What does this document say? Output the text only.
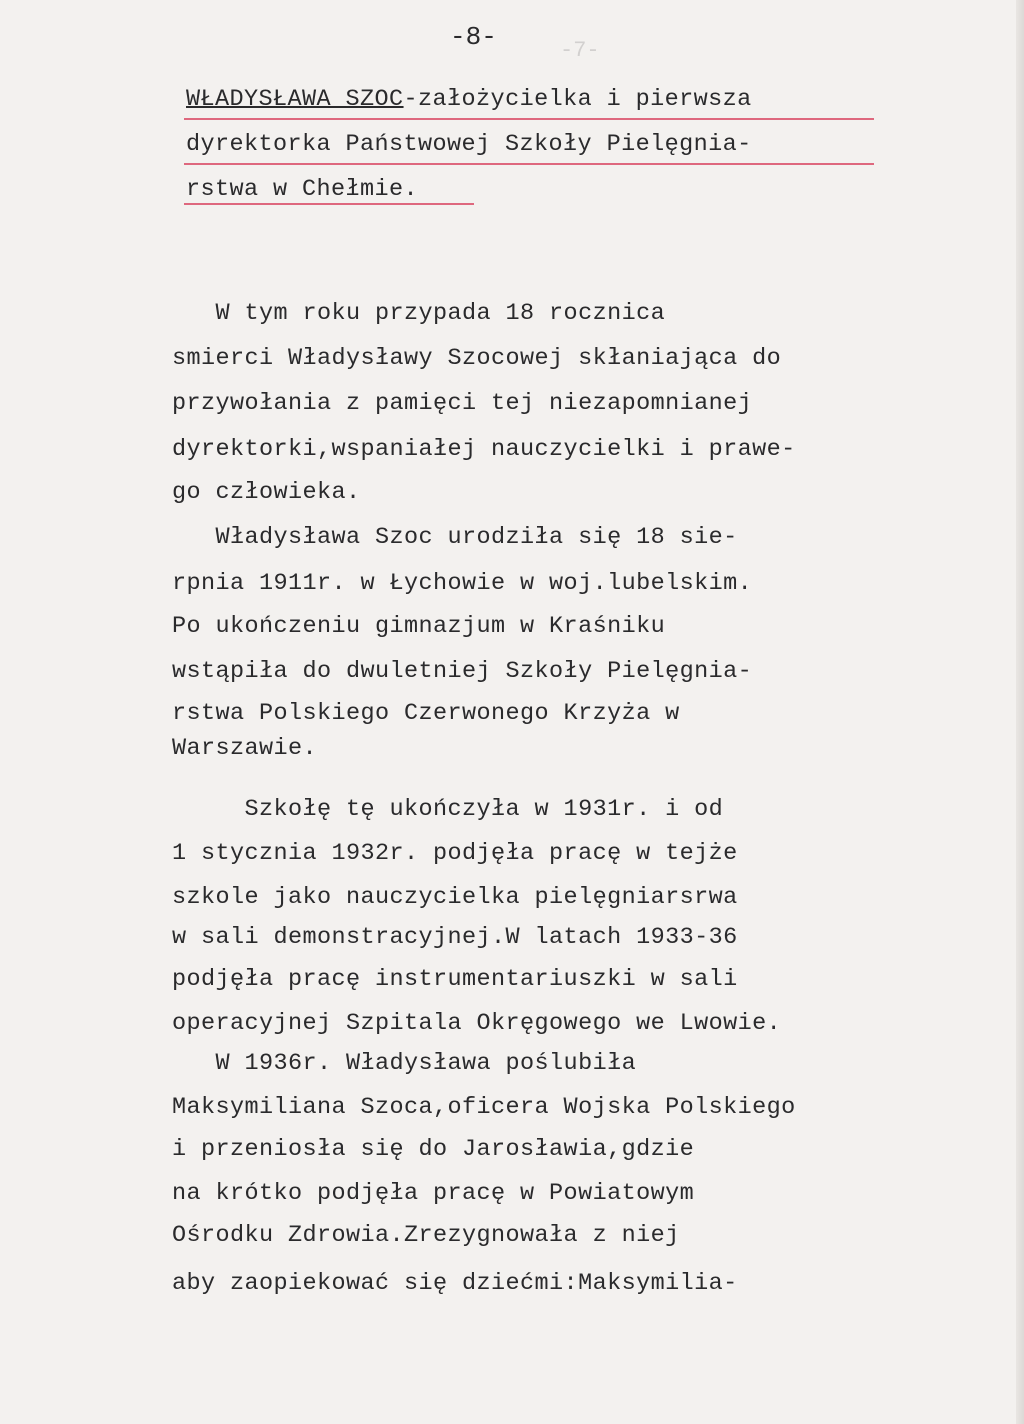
-8-	-7-
WŁADYSŁAWA SZOC-założycielka i pierwsza
dyrektorka Państwowej Szkoły Pielęgnia-
rstwa w Chełmie.
W tym roku przypada 18 rocznica
smierci Władysławy Szocowej skłaniająca do
przywołania z pamięci tej niezapomnianej
dyrektorki,wspaniałej nauczycielki i prawe-
go człowieka.
Władysława Szoc urodziła się 18 sie-
rpnia 1911r. w Łychowie w woj.lubelskim.
Po ukończeniu gimnazjum w Kraśniku
wstąpiła do dwuletniej Szkoły Pielęgnia-
rstwa Polskiego Czerwonego Krzyża w
Warszawie.
Szkołę tę ukończyła w 1931r. i od
1 stycznia 1932r. podjęła pracę w tejże
szkole jako nauczycielka pielęgniarsrwa
w sali demonstracyjnej.W latach 1933-36
podjęła pracę instrumentariuszki w sali
operacyjnej Szpitala Okręgowego we Lwowie.
W 1936r. Władysława poślubiła
Maksymiliana Szoca,oficera Wojska Polskiego
i przeniosła się do Jarosławia,gdzie
na krótko podjęła pracę w Powiatowym
Ośrodku Zdrowia.Zrezygnowała z niej
aby zaopiekować się dziećmi:Maksymilia-
